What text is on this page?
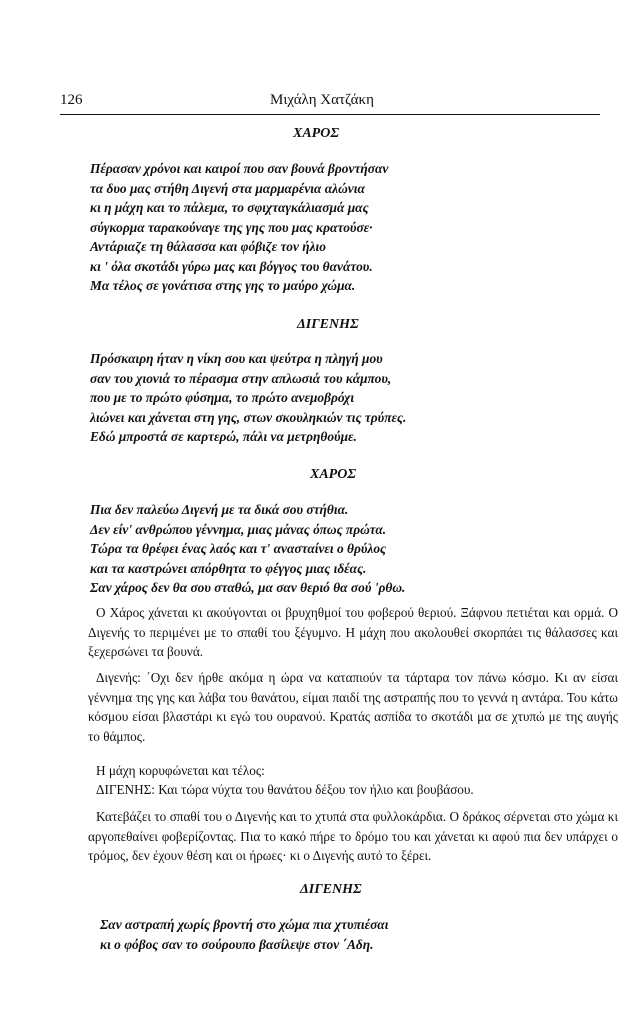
126	Μιχάλη Χατζάκη
ΧΑΡΟΣ
Πέρασαν χρόνοι και καιροί που σαν βουνά βροντήσαν
τα δυο μας στήθη Διγενή στα μαρμαρένια αλώνια
κι η μάχη και το πάλεμα, το σφιχταγκάλιασμά μας
σύγκορμα ταρακούναγε της γης που μας κρατούσε·
Αντάριαζε τη θάλασσα και φόβιζε τον ήλιο
κι ' όλα σκοτάδι γύρω μας και βόγγος του θανάτου.
Μα τέλος σε γονάτισα στης γης το μαύρο χώμα.
ΔΙΓΕΝΗΣ
Πρόσκαιρη ήταν η νίκη σου και ψεύτρα η πληγή μου
σαν του χιονιά το πέρασμα στην απλωσιά του κάμπου,
που με το πρώτο φύσημα, το πρώτο ανεμοβρόχι
λιώνει και χάνεται στη γης, στων σκουληκιών τις τρύπες.
Εδώ μπροστά σε καρτερώ, πάλι να μετρηθούμε.
ΧΑΡΟΣ
Πια δεν παλεύω Διγενή με τα δικά σου στήθια.
Δεν είν' ανθρώπου γέννημα, μιας μάνας όπως πρώτα.
Τώρα τα θρέφει ένας λαός και τ' ανασταίνει ο θρύλος
και τα καστρώνει απόρθητα το φέγγος μιας ιδέας.
Σαν χάρος δεν θα σου σταθώ, μα σαν θεριό θα σού 'ρθω.

Ο Χάρος χάνεται κι ακούγονται οι βρυχηθμοί του φοβερού θεριού. Ξάφνου πετιέται και ορμά. Ο Διγενής το περιμένει με το σπαθί του ξέγυμνο. Η μάχη που ακολουθεί σκορπάει τις θάλασσες και ξεχερσώνει τα βουνά.

Διγενής: ΄Οχι δεν ήρθε ακόμα η ώρα να καταπιούν τα τάρταρα τον πάνω κόσμο. Κι αν είσαι γέννημα της γης και λάβα του θανάτου, είμαι παιδί της αστραπής που το γεννά η αντάρα. Του κάτω κόσμου είσαι βλαστάρι κι εγώ του ουρανού. Κρατάς ασπίδα το σκοτάδι μα σε χτυπώ με της αυγής το θάμπος.

Η μάχη κορυφώνεται και τέλος:

ΔΙΓΕΝΗΣ: Και τώρα νύχτα του θανάτου δέξου τον ήλιο και βουβάσου.

Κατεβάζει το σπαθί του ο Διγενής και το χτυπά στα φυλλοκάρδια. Ο δράκος σέρνεται στο χώμα κι αργοπεθαίνει φοβερίζοντας. Πια το κακό πήρε το δρόμο του και χάνεται κι αφού πια δεν υπάρχει ο τρόμος, δεν έχουν θέση και οι ήρωες· κι ο Διγενής αυτό το ξέρει.

ΔΙΓΕΝΗΣ
Σαν αστραπή χωρίς βροντή στο χώμα πια χτυπιέσαι
κι ο φόβος σαν το σούρουπο βασίλεψε στον ΄Αδη.
